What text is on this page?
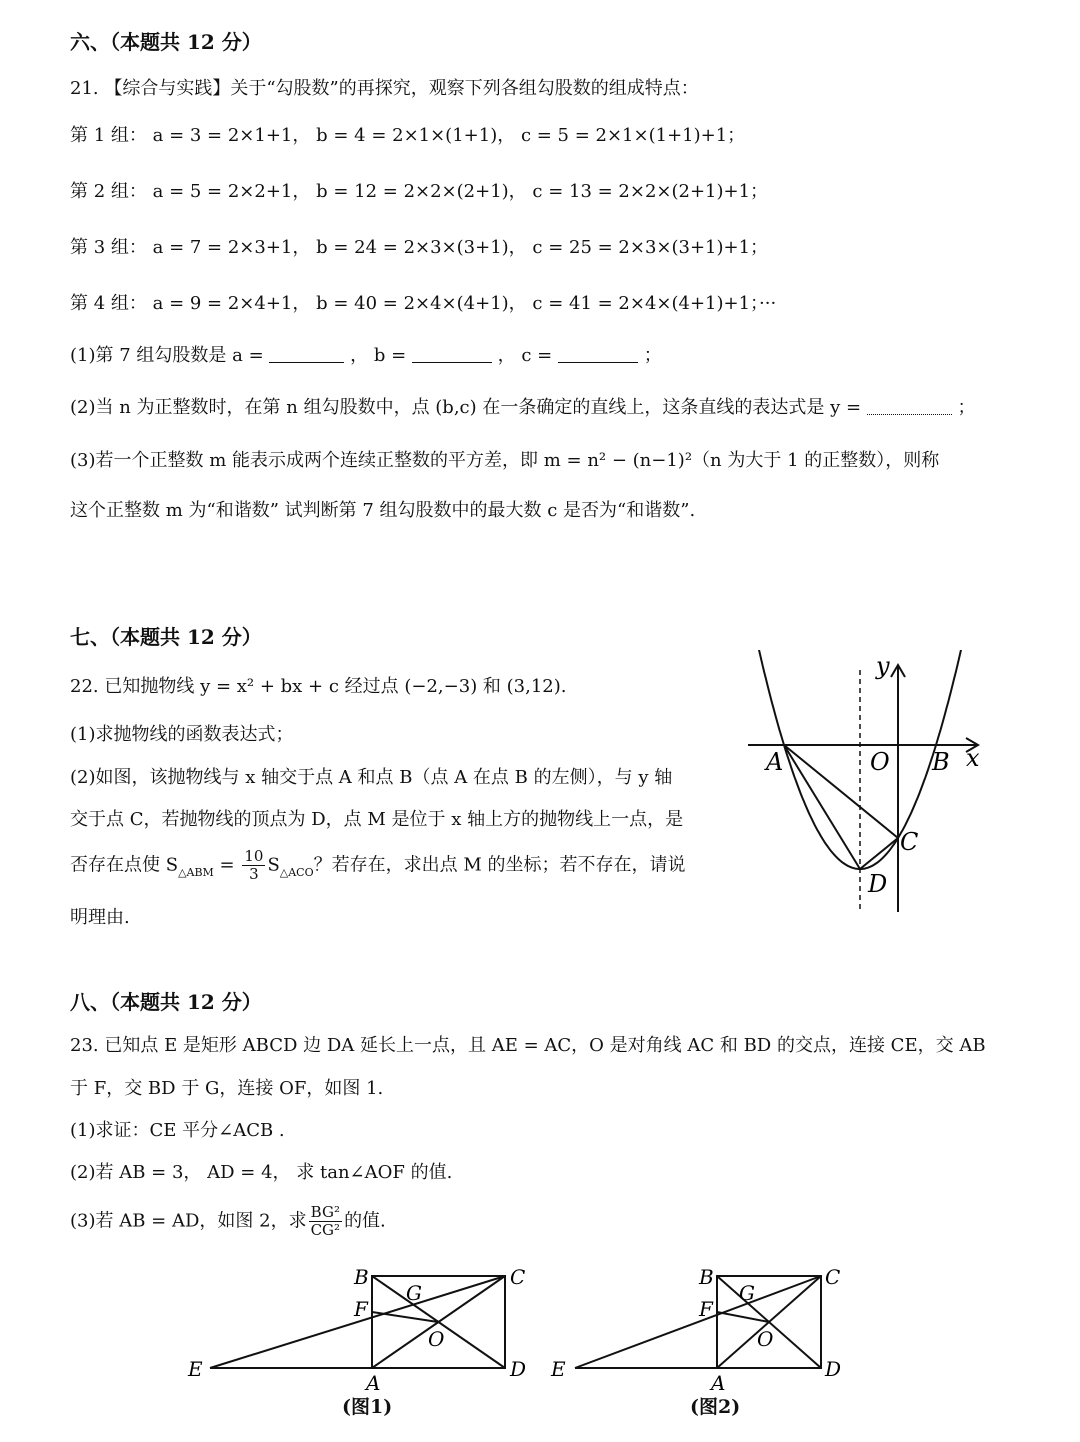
六、（本题共 12 分）
21. 【综合与实践】关于“勾股数”的再探究，观察下列各组勾股数的组成特点：
第 1 组： a = 3 = 2×1+1， b = 4 = 2×1×(1+1)， c = 5 = 2×1×(1+1)+1；
第 2 组： a = 5 = 2×2+1， b = 12 = 2×2×(2+1)， c = 13 = 2×2×(2+1)+1；
第 3 组： a = 7 = 2×3+1， b = 24 = 2×3×(3+1)， c = 25 = 2×3×(3+1)+1；
第 4 组： a = 9 = 2×4+1， b = 40 = 2×4×(4+1)， c = 41 = 2×4×(4+1)+1；···
(1)第 7 组勾股数是 a =	， b =	， c =	；
(2)当 n 为正整数时，在第 n 组勾股数中，点 (b,c) 在一条确定的直线上，这条直线的表达式是 y =	；
(3)若一个正整数 m 能表示成两个连续正整数的平方差，即 m = n² − (n−1)²（n 为大于 1 的正整数），则称
这个正整数 m 为“和谐数” 试判断第 7 组勾股数中的最大数 c 是否为“和谐数”.
七、（本题共 12 分）
22. 已知抛物线 y = x² + bx + c 经过点 (−2,−3) 和 (3,12).
(1)求抛物线的函数表达式；
(2)如图，该抛物线与 x 轴交于点 A 和点 B（点 A 在点 B 的左侧），与 y 轴
交于点 C，若抛物线的顶点为 D，点 M 是位于 x 轴上方的抛物线上一点，是
否存在点使 $S_{\triangle ABM} = \frac{10}{3} S_{\triangle ACO}$？若存在，求出点 M 的坐标；若不存在，请说
明理由.
y
x
A	O B
C
D
八、（本题共 12 分）
23. 已知点 E 是矩形 ABCD 边 DA 延长上一点，且 AE = AC，O 是对角线 AC 和 BD 的交点，连接 CE，交 AB
于 F，交 BD 于 G，连接 OF，如图 1.
(1)求证：CE 平分∠ACB .
(2)若 AB = 3， AD = 4， 求 tan∠AOF 的值.
(3)若 AB = AD，如图 2，求 $\frac{\text{BG²}}{\text{CG²}}$ 的值.
B	C
G
F
O
E
A
D
(图1)
B	C
G
F
O
E
A
D
(图2)
